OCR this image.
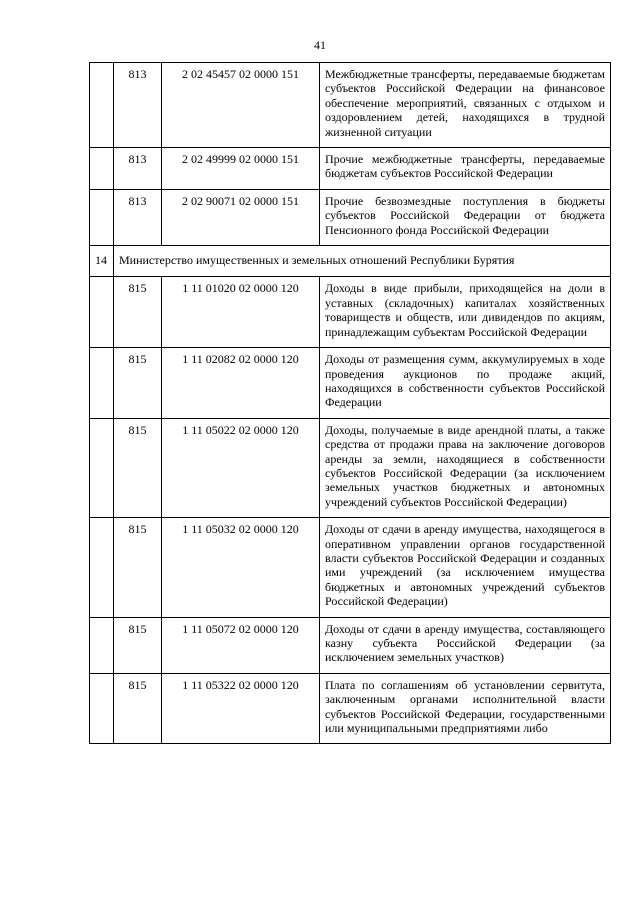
41
	813	2 02 45457 02 0000 151	Межбюджетные трансферты, передаваемые бюджетам субъектов Российской Федерации на финансовое обеспечение мероприятий, связанных с отдыхом и оздоровлением детей, находящихся в трудной жизненной ситуации

	813	2 02 49999 02 0000 151	Прочие межбюджетные трансферты, передаваемые бюджетам субъектов Российской Федерации

	813	2 02 90071 02 0000 151	Прочие безвозмездные поступления в бюджеты субъектов Российской Федерации от бюджета Пенсионного фонда Российской Федерации

14	Министерство имущественных и земельных отношений Республики Бурятия		
	815	1 11 01020 02 0000 120	Доходы в виде прибыли, приходящейся на доли в уставных (складочных) капиталах хозяйственных товариществ и обществ, или дивидендов по акциям, принадлежащим субъектам Российской Федерации

	815	1 11 02082 02 0000 120	Доходы от размещения сумм, аккумулируемых в ходе проведения аукционов по продаже акций, находящихся в собственности субъектов Российской Федерации

	815	1 11 05022 02 0000 120	Доходы, получаемые в виде арендной платы, а также средства от продажи права на заключение договоров аренды за земли, находящиеся в собственности субъектов Российской Федерации (за исключением земельных участков бюджетных и автономных учреждений субъектов Российской Федерации)

	815	1 11 05032 02 0000 120	Доходы от сдачи в аренду имущества, находящегося в оперативном управлении органов государственной власти субъектов Российской Федерации и созданных ими учреждений (за исключением имущества бюджетных и автономных учреждений субъектов Российской Федерации)

	815	1 11 05072 02 0000 120	Доходы от сдачи в аренду имущества, составляющего казну субъекта Российской Федерации (за исключением земельных участков)

	815	1 11 05322 02 0000 120	Плата по соглашениям об установлении сервитута, заключенным органами исполнительной власти субъектов Российской Федерации, государственными или муниципальными предприятиями либо
